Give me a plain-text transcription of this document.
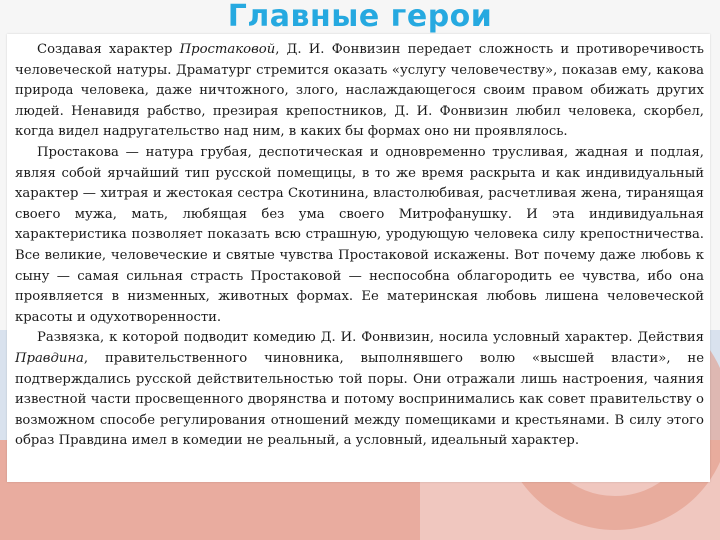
Главные герои

Создавая характер Простаковой, Д. И. Фонвизин передает сложность и противоречивость человеческой натуры. Драматург стремится оказать «услугу человечеству», показав ему, какова природа человека, даже ничтожного, злого, наслаждающегося своим правом обижать других людей. Ненавидя рабство, презирая крепостников, Д. И. Фонвизин любил человека, скорбел, когда видел надругательство над ним, в каких бы формах оно ни проявлялось.

Простакова — натура грубая, деспотическая и одновременно трусливая, жадная и подлая, являя собой ярчайший тип русской помещицы, в то же время раскрыта и как индивидуальный характер — хитрая и жестокая сестра Скотинина, властолюбивая, расчетливая жена, тиранящая своего мужа, мать, любящая без ума своего Митрофанушку. И эта индивидуальная характеристика позволяет показать всю страшную, уродующую человека силу крепостничества. Все великие, человеческие и святые чувства Простаковой искажены. Вот почему даже любовь к сыну — самая сильная страсть Простаковой — неспособна облагородить ее чувства, ибо она проявляется в низменных, животных формах. Ее материнская любовь лишена человеческой красоты и одухотворенности.

Развязка, к которой подводит комедию Д. И. Фонвизин, носила условный характер. Действия Правдина, правительственного чиновника, выполнявшего волю «высшей власти», не подтверждались русской действительностью той поры. Они отражали лишь настроения, чаяния известной части просвещенного дворянства и потому воспринимались как совет правительству о возможном способе регулирования отношений между помещиками и крестьянами. В силу этого образ Правдина имел в комедии не реальный, а условный, идеальный характер.
